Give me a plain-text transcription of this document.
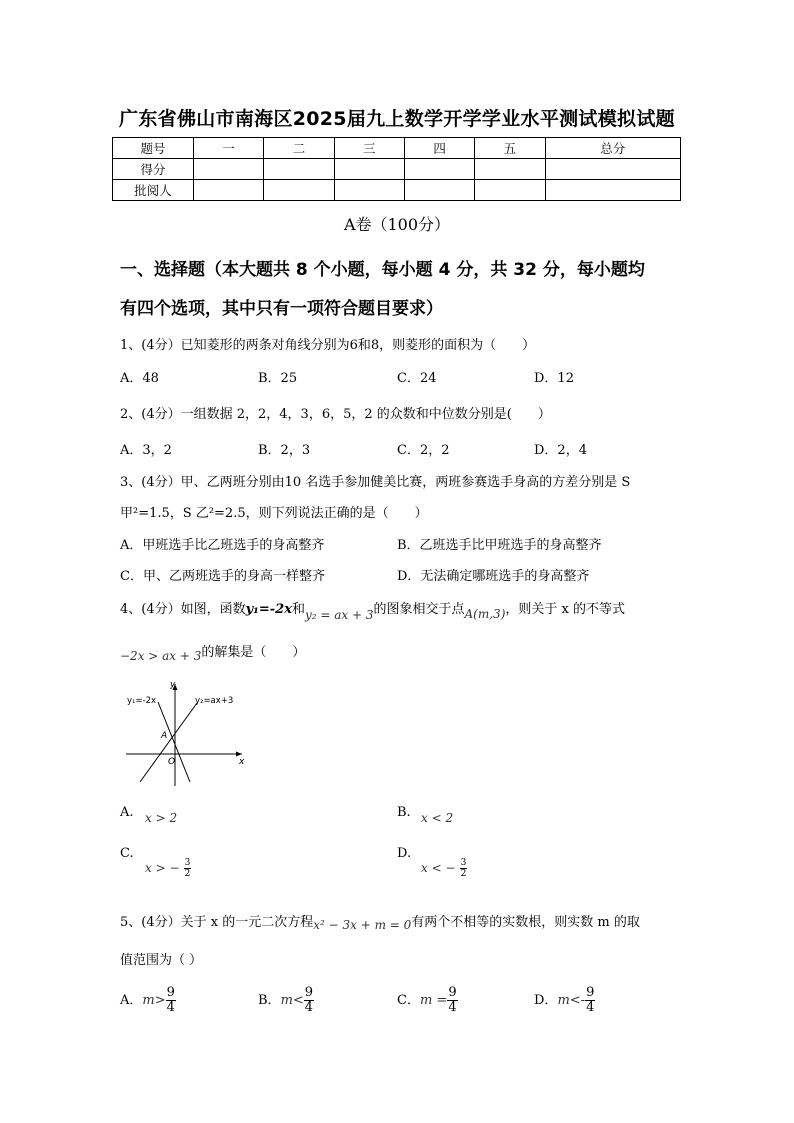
广东省佛山市南海区2025届九上数学开学学业水平测试模拟试题
题号	一	二	三	四	五	总分
得分						
批阅人						
A卷（100分）
一、选择题（本大题共 8 个小题，每小题 4 分，共 32 分，每小题均
有四个选项，其中只有一项符合题目要求）
1、(4分）已知菱形的两条对角线分别为6和8，则菱形的面积为（　　）
A．48	B．25	C．24	D．12
2、(4分）一组数据 2，2，4，3，6，5，2 的众数和中位数分别是(　　）
A．3，2	B．2，3	C．2，2	D．2，4
3、(4分）甲、乙两班分别由10 名选手参加健美比赛，两班参赛选手身高的方差分别是 S
甲²=1.5，S 乙²=2.5，则下列说法正确的是（　　）
A．甲班选手比乙班选手的身高整齐	B．乙班选手比甲班选手的身高整齐
C．甲、乙两班选手的身高一样整齐	D．无法确定哪班选手的身高整齐
4、(4分）如图，函数y₁=-2x和y₂ = ax + 3的图象相交于点A(m,3)，则关于 x 的不等式
−2x > ax + 3的解集是（　　）
y₁=-2x	y₂=ax+3
A
O	x
y
A. x > 2	B. x < 2
C.
x > − $\frac{3}{2}$
D.
x < − $\frac{3}{2}$
5、(4分）关于 x 的一元二次方程x² − 3x + m = 0有两个不相等的实数根，则实数 m 的取
值范围为（ ）
A．$m> \frac{9}{4}$	B．$m< \frac{9}{4}$	C．$m = \frac{9}{4}$	D．$m<- \frac{9}{4}$
